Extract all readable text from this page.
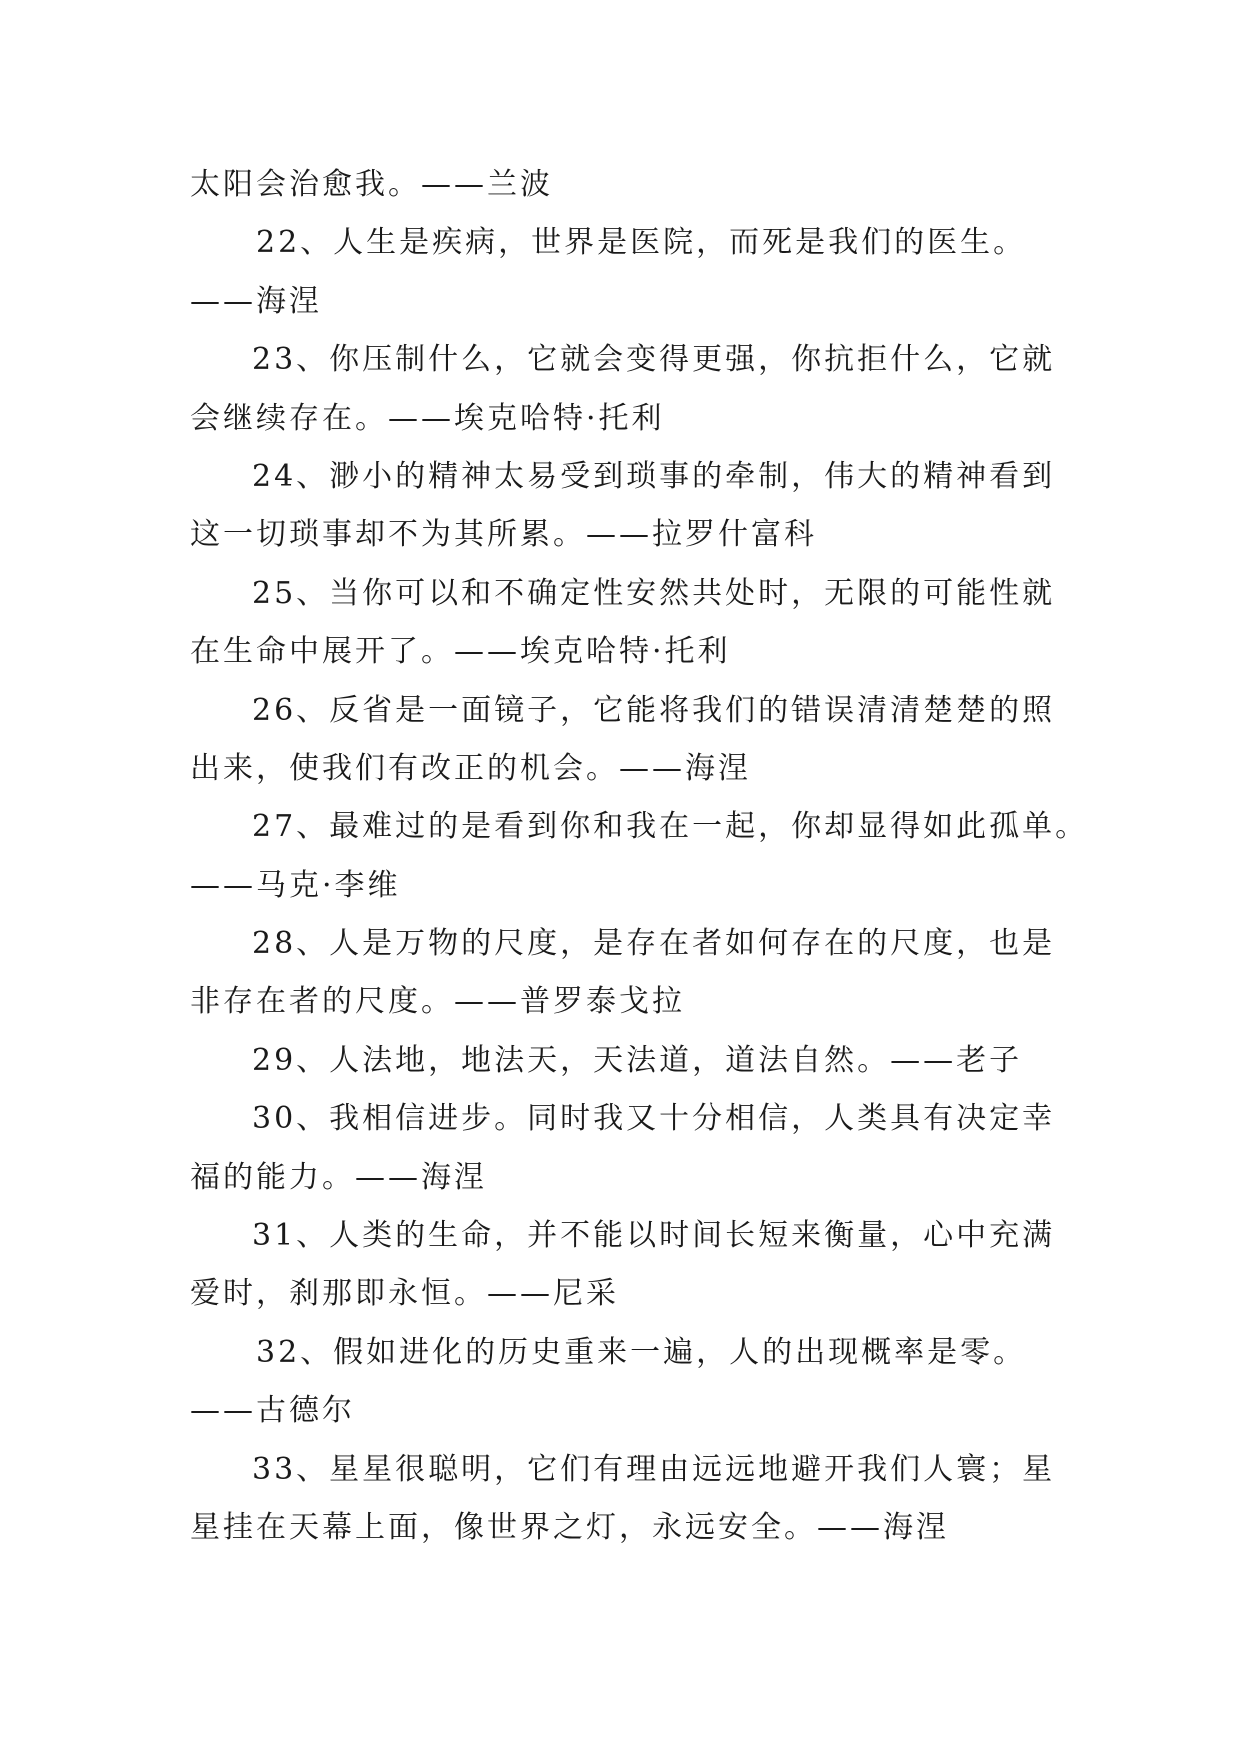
太阳会治愈我。——兰波
22、人生是疾病，世界是医院，而死是我们的医生。
——海涅
23、你压制什么，它就会变得更强，你抗拒什么，它就
会继续存在。——埃克哈特·托利
24、渺小的精神太易受到琐事的牵制，伟大的精神看到
这一切琐事却不为其所累。——拉罗什富科
25、当你可以和不确定性安然共处时，无限的可能性就
在生命中展开了。——埃克哈特·托利
26、反省是一面镜子，它能将我们的错误清清楚楚的照
出来，使我们有改正的机会。——海涅
27、最难过的是看到你和我在一起，你却显得如此孤单。
——马克·李维
28、人是万物的尺度，是存在者如何存在的尺度，也是
非存在者的尺度。——普罗泰戈拉
29、人法地，地法天，天法道，道法自然。——老子
30、我相信进步。同时我又十分相信，人类具有决定幸
福的能力。——海涅
31、人类的生命，并不能以时间长短来衡量，心中充满
爱时，刹那即永恒。——尼采
32、假如进化的历史重来一遍，人的出现概率是零。
——古德尔
33、星星很聪明，它们有理由远远地避开我们人寰；星
星挂在天幕上面，像世界之灯，永远安全。——海涅
